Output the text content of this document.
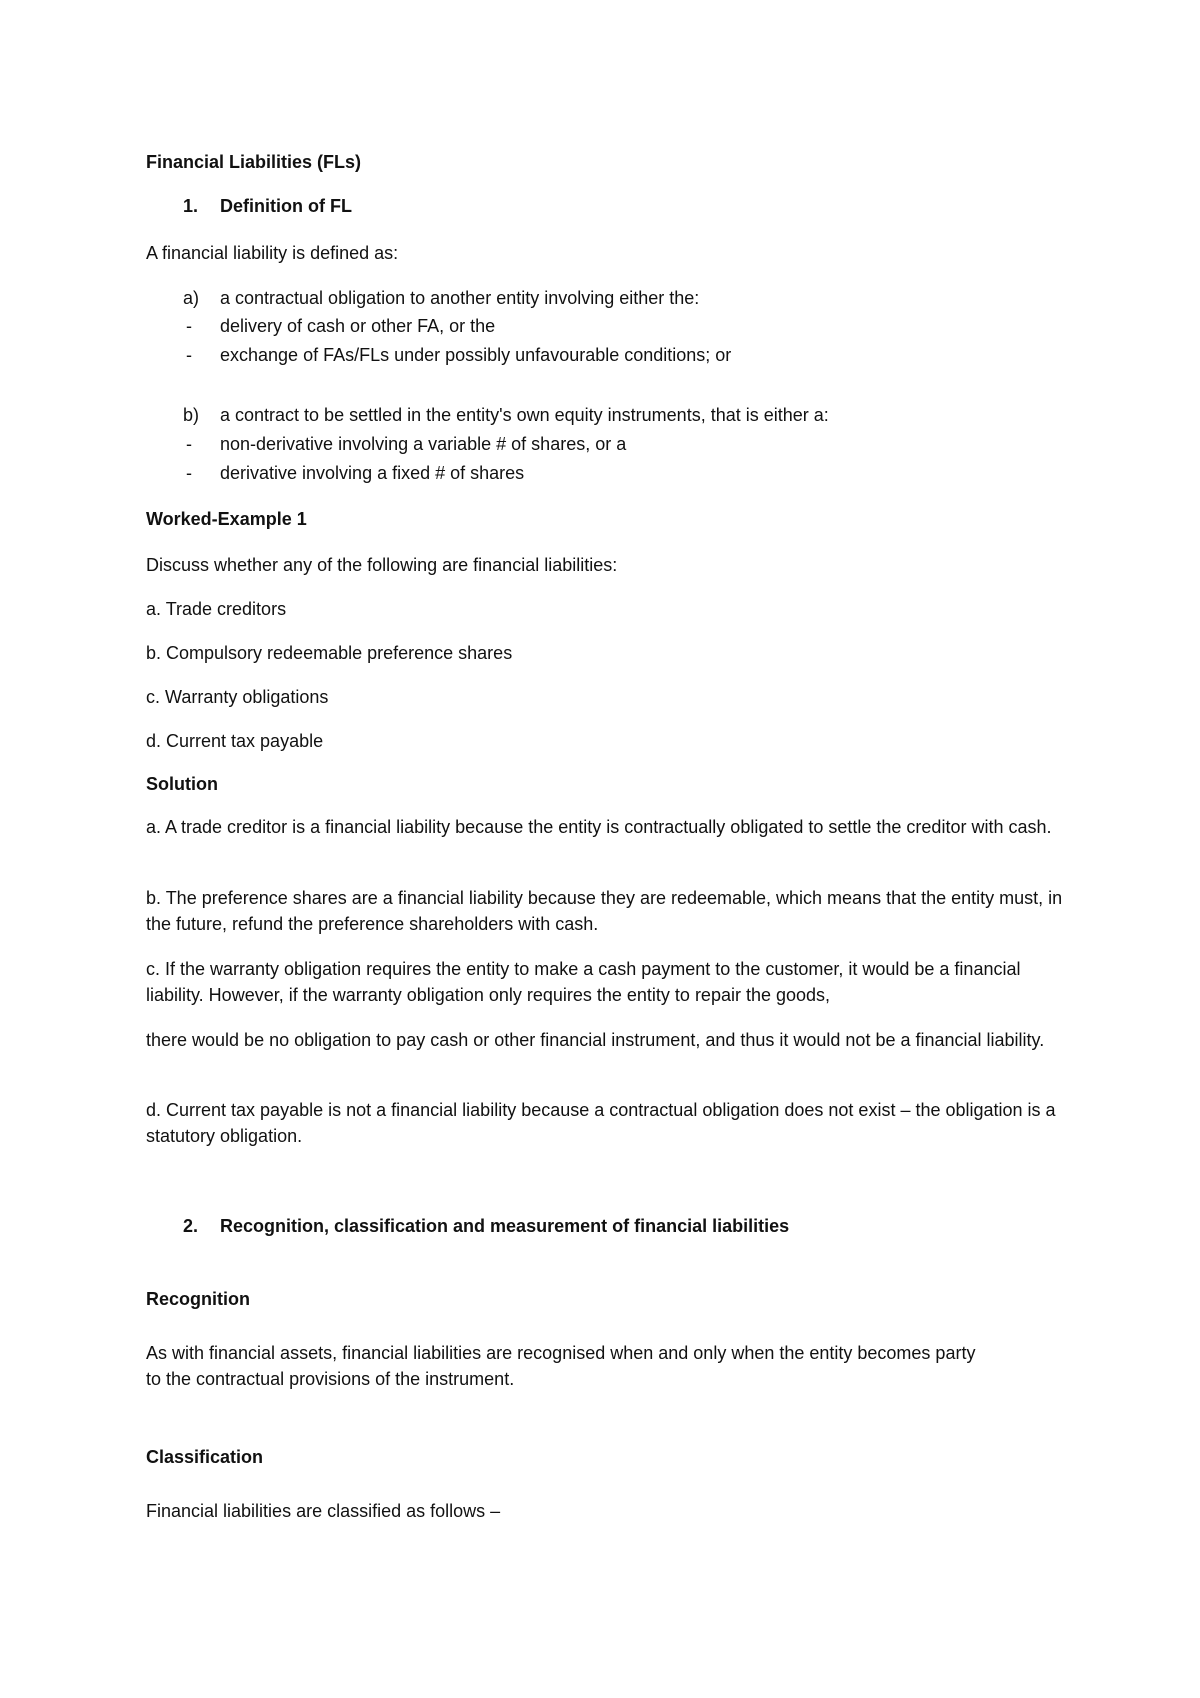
Financial Liabilities (FLs)
1. Definition of FL
A financial liability is defined as:
a) a contractual obligation to another entity involving either the:
- delivery of cash or other FA, or the
- exchange of FAs/FLs under possibly unfavourable conditions; or
b) a contract to be settled in the entity's own equity instruments, that is either a:
- non-derivative involving a variable # of shares, or a
- derivative involving a fixed # of shares
Worked-Example 1
Discuss whether any of the following are financial liabilities:
a. Trade creditors
b. Compulsory redeemable preference shares
c. Warranty obligations
d. Current tax payable
Solution

a. A trade creditor is a financial liability because the entity is contractually obligated to settle the creditor with cash.

b. The preference shares are a financial liability because they are redeemable, which means that the entity must, in the future, refund the preference shareholders with cash.

c. If the warranty obligation requires the entity to make a cash payment to the customer, it would be a financial liability. However, if the warranty obligation only requires the entity to repair the goods,

there would be no obligation to pay cash or other financial instrument, and thus it would not be a financial liability.

d. Current tax payable is not a financial liability because a contractual obligation does not exist – the obligation is a statutory obligation.

2. Recognition, classification and measurement of financial liabilities
Recognition

As with financial assets, financial liabilities are recognised when and only when the entity becomes party to the contractual provisions of the instrument.

Classification
Financial liabilities are classified as follows –
